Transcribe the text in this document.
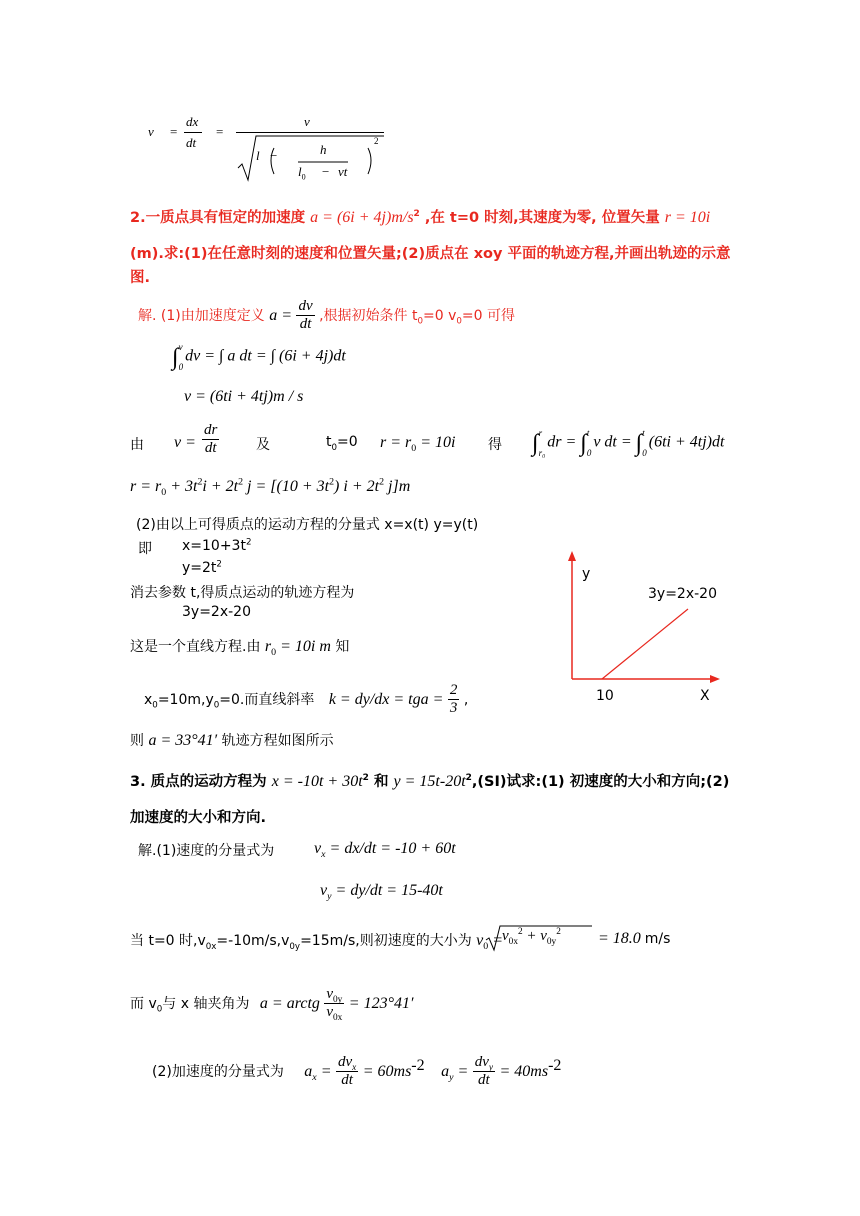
v =
dx
dt
=
v
l −	h
$l_0$ − vt
2
2.一质点具有恒定的加速度 $a = (6i + 4j)m/s^2$ ,在 t=0 时刻,其速度为零, 位置矢量 r = 10i
(m).求:(1)在任意时刻的速度和位置矢量;(2)质点在 xoy 平面的轨迹方程,并画出轨迹的示意
图.
解. (1)由加速度定义 $a = \frac{dv}{dt}$ ,根据初始条件 $t_0=0$ $v_0=0$ 可得
∫ v
0
dv = ∫ a dt = ∫ (6i + 4j)dt
v = (6ti + 4tj)m / s
由 $v = \frac{dr}{dt}$	及	$t_0=0$ $r = r_0 = 10i$ 得 ∫ r
r₀
dr = ∫ t
0
v dt = ∫ t
0
(6ti + 4tj)dt
$r = r_0 + 3t^2i + 2t^2$ $j = [(10 + 3t^2)$ $i + 2t^2$ j]m
(2)由以上可得质点的运动方程的分量式 x=x(t) y=y(t)
即 $x=10+3t^2$
$y=2t^2$
消去参数 t,得质点运动的轨迹方程为
3y=2x-20
这是一个直线方程.由 $r_0 = 10i$ m 知
$x_0=10m,y_0=0$.而直线斜率 k = dy/dx = tga = $\frac{2}{3}$ ,
则 a = 33°41′ 轨迹方程如图所示
y
3y=2x-20
10	X
3. 质点的运动方程为 $x = -10t + 30t^2$ 和 $y = 15t-20t^2,(SI)$试求:(1) 初速度的大小和方向;(2)
加速度的大小和方向.
解.(1)速度的分量式为 $v_x = dx/dt = -10 + 60t$
$v_y = dy/dt = 15-40t$
当 t=0 时$,v_{0x}=-10m/s,v_{0y}=15m/s$,则初速度的大小为 $v_0$ =
$v_{0x}^2 + v_{0y}^2 = 18.0$ m/s
而 $v_0$与 x 轴夹角为 a = arctg $\frac{v_{0y}}{v_{0x}} = 123^\circ 41'$
(2)加速度的分量式为 $a_x = \frac{dv_x}{dt} = 60ms^{-2}$ $a_y = \frac{dv_y}{dt} = 40ms^{-2}$
